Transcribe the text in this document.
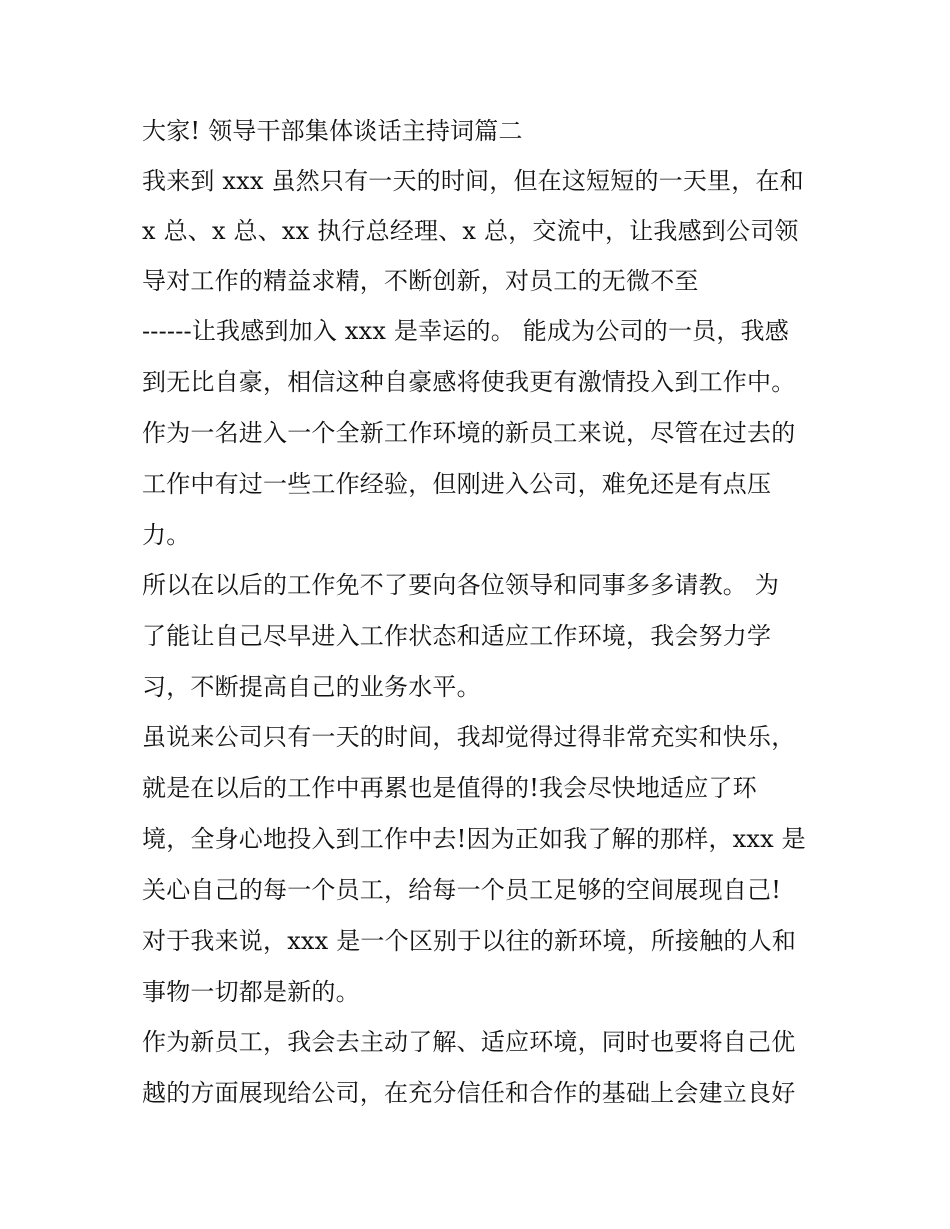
大家! 领导干部集体谈话主持词篇二
我来到 xxx 虽然只有一天的时间，但在这短短的一天里，在和
x 总、x 总、xx 执行总经理、x 总，交流中，让我感到公司领
导对工作的精益求精，不断创新，对员工的无微不至
------让我感到加入 xxx 是幸运的。 能成为公司的一员，我感
到无比自豪，相信这种自豪感将使我更有激情投入到工作中。
作为一名进入一个全新工作环境的新员工来说，尽管在过去的
工作中有过一些工作经验，但刚进入公司，难免还是有点压
力。
所以在以后的工作免不了要向各位领导和同事多多请教。 为
了能让自己尽早进入工作状态和适应工作环境，我会努力学
习，不断提高自己的业务水平。
虽说来公司只有一天的时间，我却觉得过得非常充实和快乐，
就是在以后的工作中再累也是值得的!我会尽快地适应了环
境，全身心地投入到工作中去!因为正如我了解的那样，xxx 是
关心自己的每一个员工，给每一个员工足够的空间展现自己!
对于我来说，xxx 是一个区别于以往的新环境，所接触的人和
事物一切都是新的。
作为新员工，我会去主动了解、适应环境，同时也要将自己优
越的方面展现给公司，在充分信任和合作的基础上会建立良好
